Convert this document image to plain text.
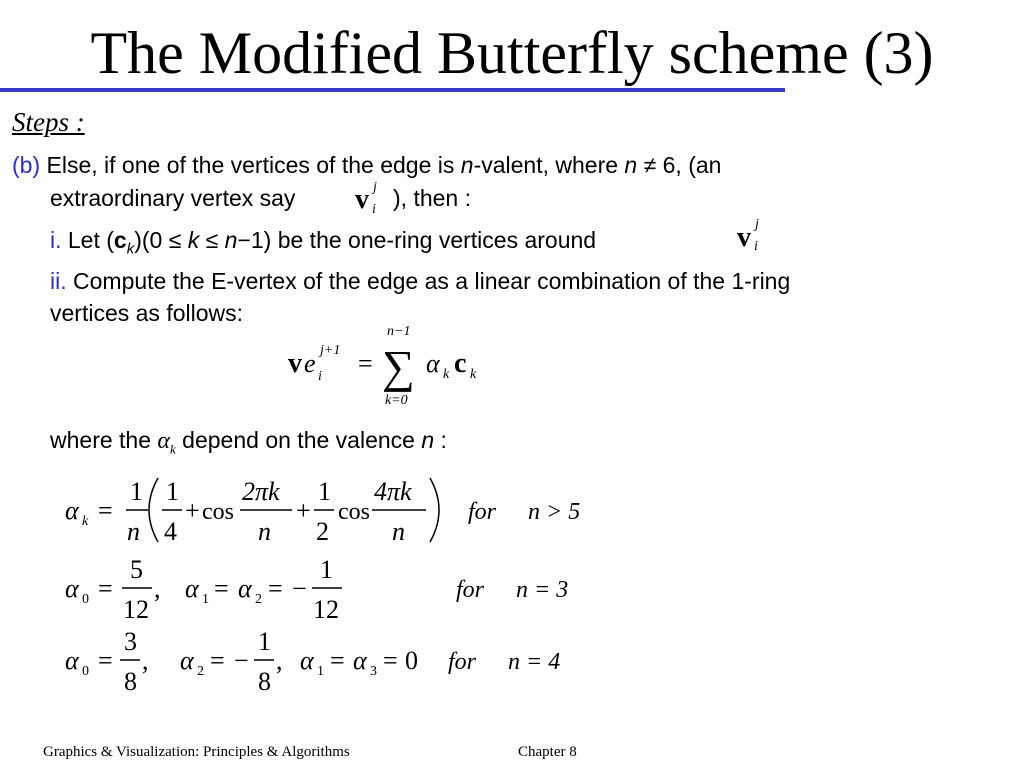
The Modified Butterfly scheme (3)
Steps :
(b) Else, if one of the vertices of the edge is n-valent, where n ≠ 6, (an
extraordinary vertex say v j
i ), then :
i. Let $(c_k)(0 \le k \le n-1)$ be the one-ring vertices around	v j
i
ii. Compute the E-vertex of the edge as a linear combination of the 1-ring
vertices as follows:
v e j+1
i =
n−1
∑
k=0
α k c k
where the $\alpha_k$ depend on the valence n :
α k =
1
n
1
4
+ cos
2πk
n
+
1
2
cos
4πk
n
for n > 5
α 0 =
5
12
, α 1 = α 2 = −
1
12
for n = 3
α 0 =
3
8
, α 2 = −
1
8
, α 1 = α 3 = 0 for n = 4
Graphics & Visualization: Principles & Algorithms	Chapter 8
